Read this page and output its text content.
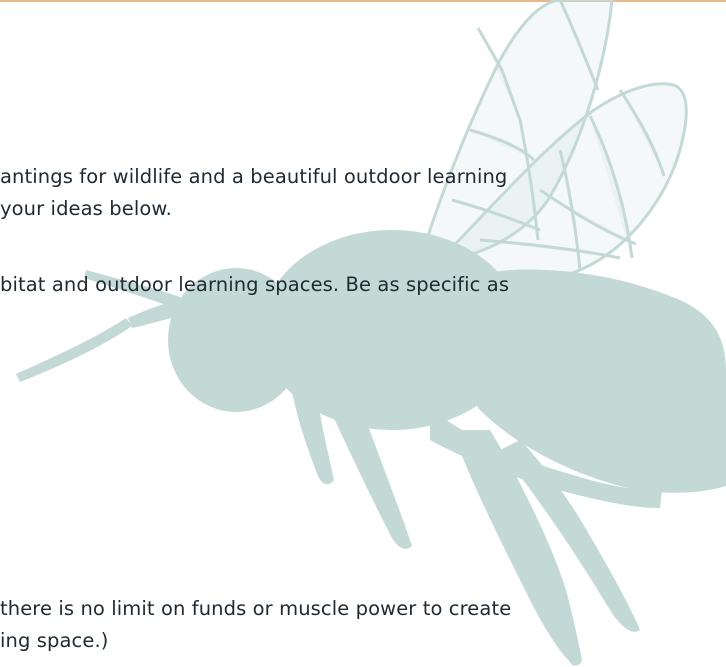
antings for wildlife and a beautiful outdoor learning
your ideas below.
bitat and outdoor learning spaces. Be as specific as
there is no limit on funds or muscle power to create
ing space.)
